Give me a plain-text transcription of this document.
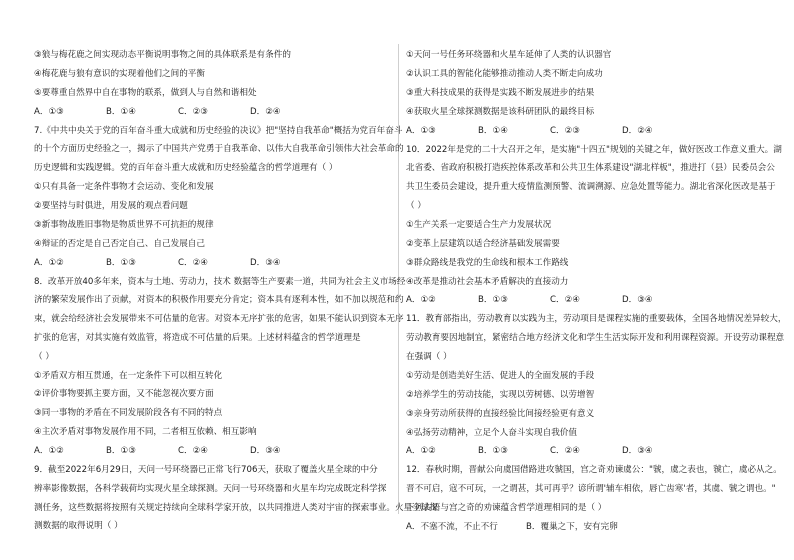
③狼与梅花鹿之间实现动态平衡说明事物之间的具体联系是有条件的
④梅花鹿与狼有意识的实现着他们之间的平衡
⑤要尊重自然界中自在事物的联系，做到人与自然和谐相处
A．①③	B．①④	C．②③	D．②④
7.《中共中央关于党的百年奋斗重大成就和历史经验的决议》把"坚持自我革命"概括为党百年奋斗
的十个方面历史经验之一，揭示了中国共产党勇于自我革命、以伟大自我革命引领伟大社会革命的
历史逻辑和实践逻辑。党的百年奋斗重大成就和历史经验蕴含的哲学道理有（ ）
①只有具备一定条件事物才会运动、变化和发展
②要坚持与时俱进，用发展的观点看问题
③新事物战胜旧事物是物质世界不可抗拒的规律
④辩证的否定是自己否定自己、自己发展自己
A．①②	B．①③	C．②④	D．③④
8．改革开放40多年来，资本与土地、劳动力，技术 数据等生产要素一道，共同为社会主义市场经
济的繁荣发展作出了贡献，对资本的积极作用要充分肯定；资本具有逐利本性，如不加以规范和约
束，就会给经济社会发展带来不可估量的危害。对资本无序扩张的危害，如果不能认识到资本无序
扩张的危害，对其实施有效监管，将造成不可估量的后果。上述材料蕴含的哲学道理是
（ ）
①矛盾双方相互贯通，在一定条件下可以相互转化
②评价事物要抓主要方面，又不能忽视次要方面
③同一事物的矛盾在不同发展阶段各有不同的特点
④主次矛盾对事物发展作用不同，二者相互依赖、相互影响
A．①②	B．①③	C．②④	D．③④
9．截至2022年6月29日，天问一号环绕器已正常飞行706天，获取了覆盖火星全球的中分
辨率影像数据，各科学载荷均实现火星全球探测。天问一号环绕器和火星车均完成既定科学探
测任务，这些数据将按照有关规定持续向全球科学家开放，以共同推进人类对宇宙的探索事业。火星全球探
测数据的取得说明（ ）
①天问一号任务环绕器和火星车延伸了人类的认识器官
②认识工具的智能化能够推动推动人类不断走向成功
③重大科技成果的获得是实践不断发展进步的结果
④获取火星全球探测数据是该科研团队的最终目标
A．①③	B．①④	C．②③	D．②④
10．2022年是党的二十大召开之年，是实施"十四五"规划的关键之年，做好医改工作意义重大。湖
北省委、省政府积极打造疾控体系改革和公共卫生体系建设"湖北样板"，推进打（县）民委员会公
共卫生委员会建设，提升重大疫情监测预警、流调溯源、应急处置等能力。湖北省深化医改是基于
（ ）
①生产关系一定要适合生产力发展状况
②变革上层建筑以适合经济基础发展需要
③群众路线是我党的生命线和根本工作路线
④改革是推动社会基本矛盾解决的直接动力
A．①②	B．①③	C．②④	D．③④
11．教育部指出，劳动教育以实践为主，劳动项目是课程实施的重要载体，全国各地情况差异较大，
劳动教育要因地制宜，紧密结合地方经济文化和学生生活实际开发和利用课程资源。开设劳动课程意
在强调（ ）
①劳动是创造美好生活、促进人的全面发展的手段
②培养学生的劳动技能，实现以劳树德、以劳增智
③亲身劳动所获得的直接经验比间接经验更有意义
④弘扬劳动精神，立足个人奋斗实现自我价值
A．①②	B．①③	C．②④	D．③④
12．春秋时期，晋献公向虞国借路进攻虢国，宫之奇劝谏虞公："虢，虞之表也，虢亡，虞必从之。
晋不可启，寇不可玩，一之谓甚，其可再乎？谚所谓'辅车相依，唇亡齿寒'者，其虞、虢之谓也。"
下列古语与宫之奇的劝谏蕴含哲学道理相同的是（ ）
A．不塞不流，不止不行	B．覆巢之下，安有完卵
